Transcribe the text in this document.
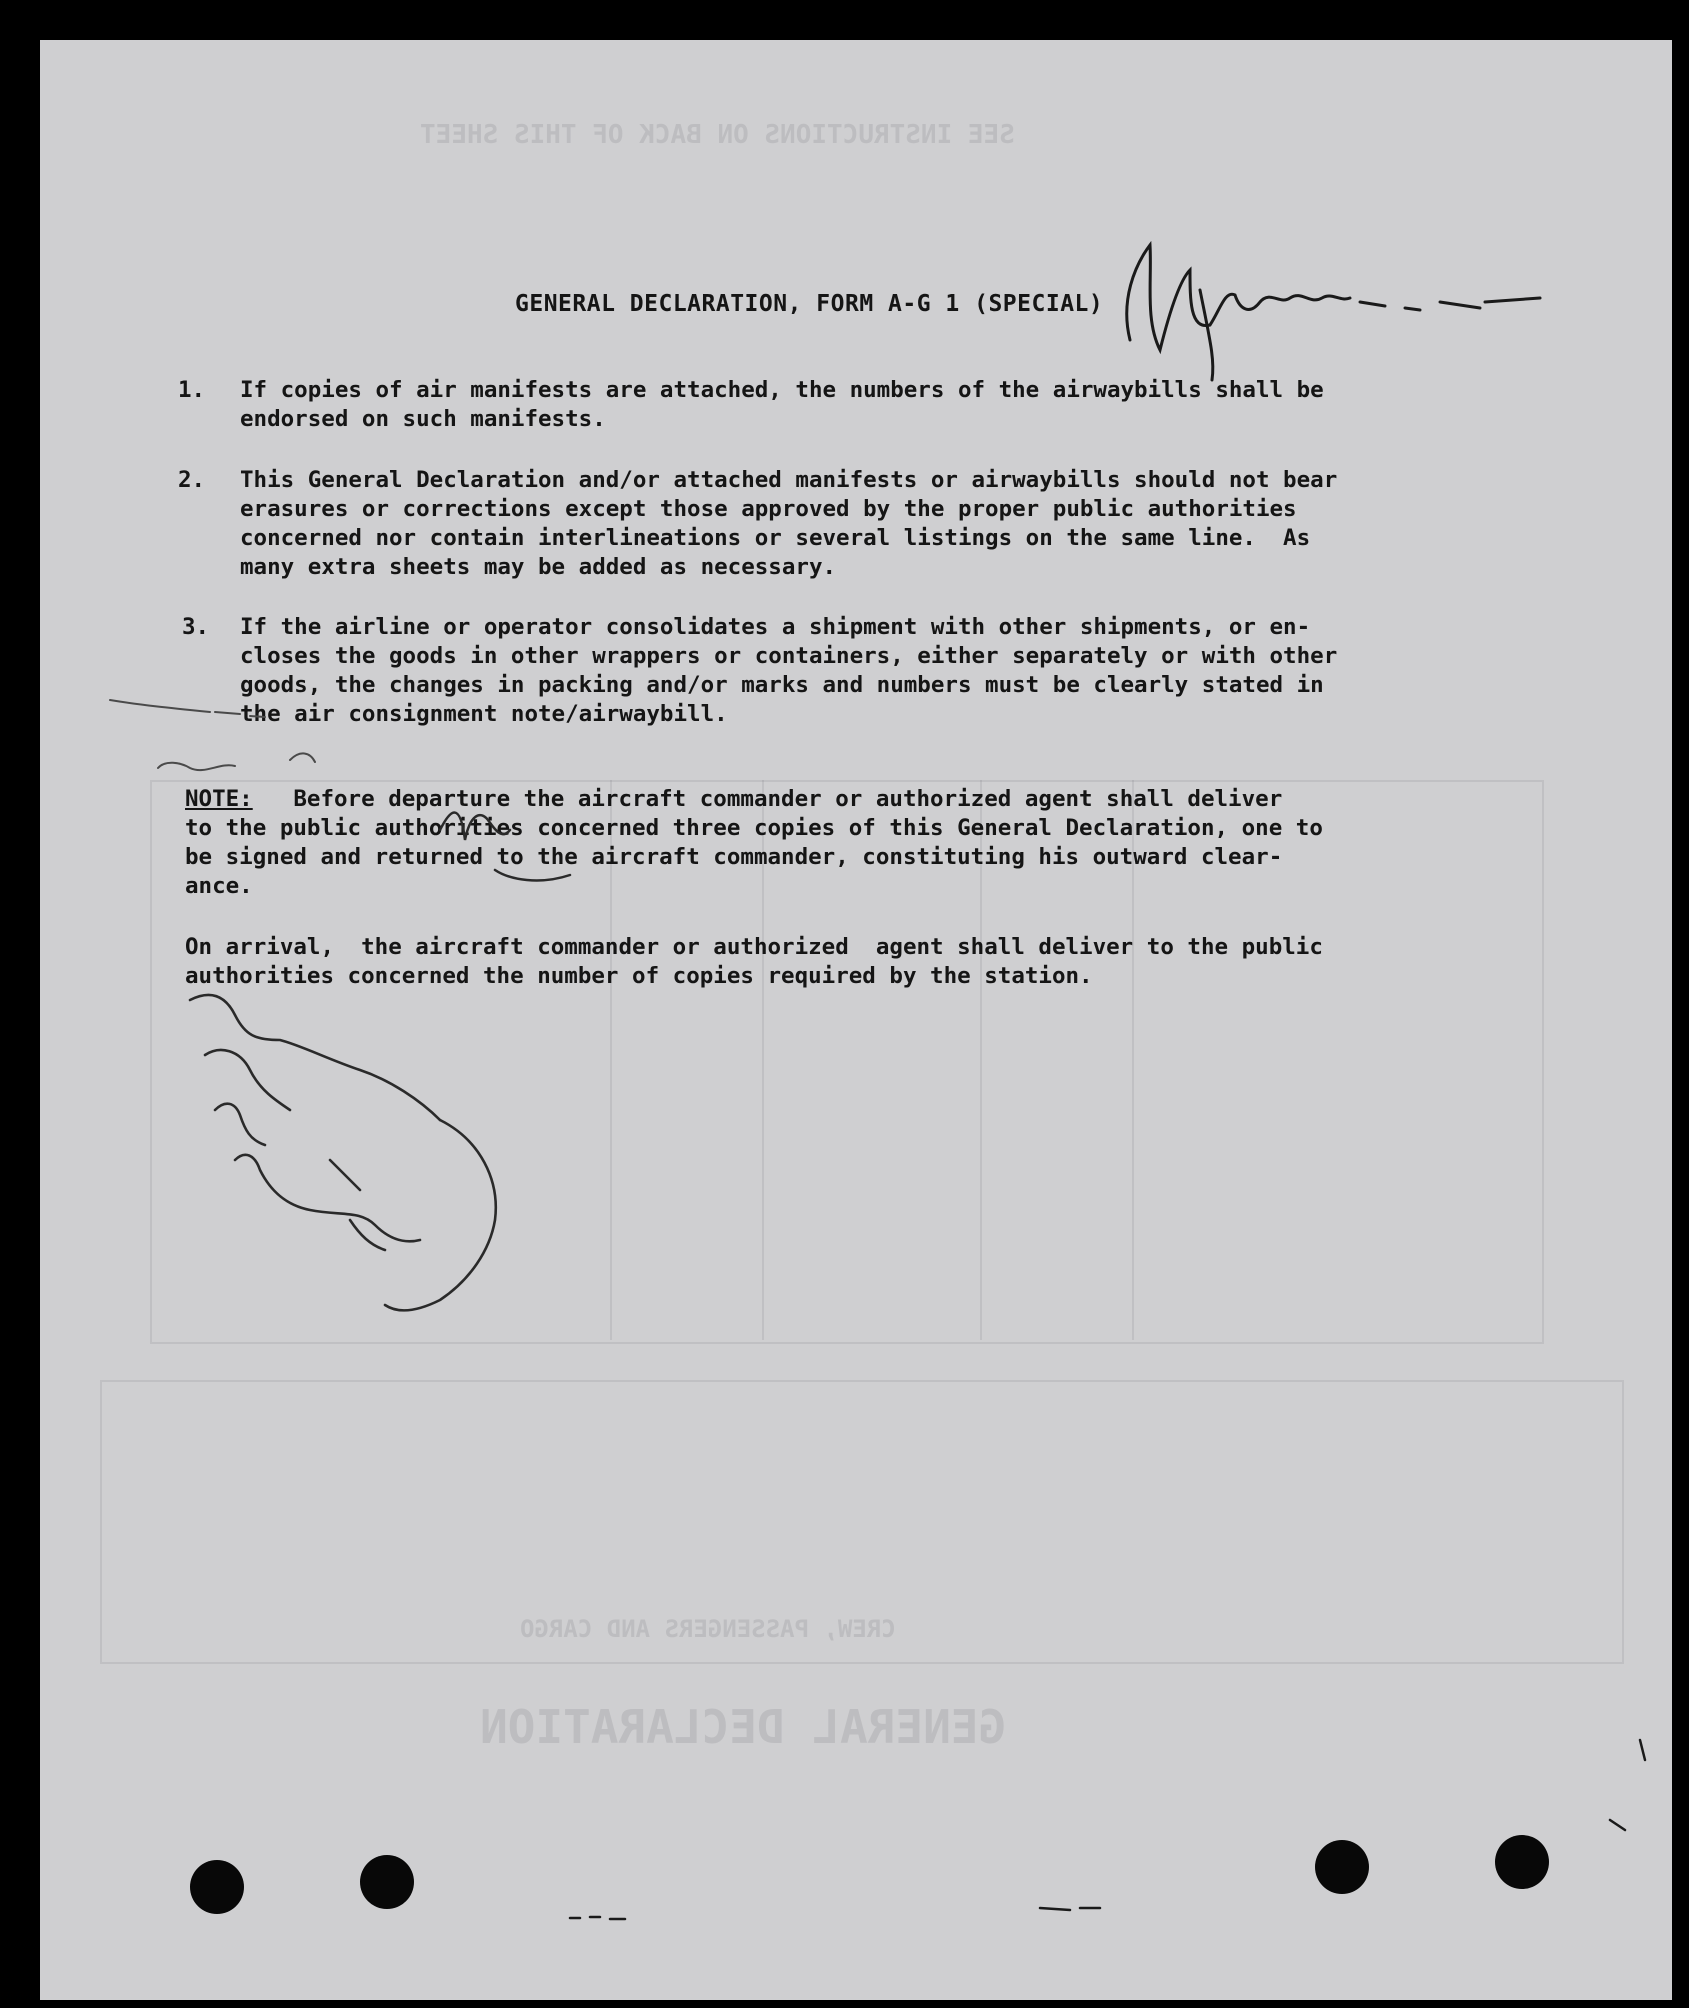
GENERAL DECLARATION
CREW, PASSENGERS AND CARGO
SEE INSTRUCTIONS ON BACK OF THIS SHEET

GENERAL DECLARATION, FORM A-G 1 (SPECIAL)

1. If copies of air manifests are attached, the numbers of the airwaybills shall be
endorsed on such manifests.
2. This General Declaration and/or attached manifests or airwaybills should not bear
erasures or corrections except those approved by the proper public authorities
concerned nor contain interlineations or several listings on the same line.  As
many extra sheets may be added as necessary.
3. If the airline or operator consolidates a shipment with other shipments, or en-
closes the goods in other wrappers or containers, either separately or with other
goods, the changes in packing and/or marks and numbers must be clearly stated in
the air consignment note/airwaybill.
NOTE:   Before departure the aircraft commander or authorized agent shall deliver
to the public authorities concerned three copies of this General Declaration, one to
be signed and returned to the aircraft commander, constituting his outward clear-
ance.
On arrival,  the aircraft commander or authorized  agent shall deliver to the public
authorities concerned the number of copies required by the station.
